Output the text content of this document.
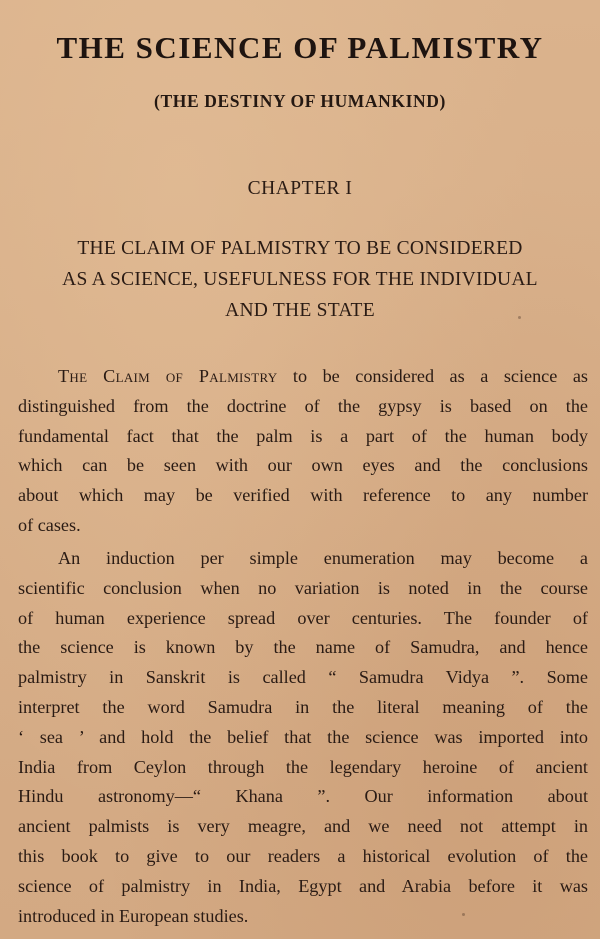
THE SCIENCE OF PALMISTRY
(THE DESTINY OF HUMANKIND)
CHAPTER I
THE CLAIM OF PALMISTRY TO BE CONSIDERED
AS A SCIENCE, USEFULNESS FOR THE INDIVIDUAL
AND THE STATE
The Claim of Palmistry to be considered as a science as
distinguished from the doctrine of the gypsy is based on the
fundamental fact that the palm is a part of the human body
which can be seen with our own eyes and the conclusions
about which may be verified with reference to any number
of cases.
An induction per simple enumeration may become a
scientific conclusion when no variation is noted in the course
of human experience spread over centuries. The founder of
the science is known by the name of Samudra, and hence
palmistry in Sanskrit is called “ Samudra Vidya ”. Some
interpret the word Samudra in the literal meaning of the
‘ sea ’ and hold the belief that the science was imported into
India from Ceylon through the legendary heroine of ancient
Hindu astronomy—“ Khana ”. Our information about
ancient palmists is very meagre, and we need not attempt in
this book to give to our readers a historical evolution of the
science of palmistry in India, Egypt and Arabia before it was
introduced in European studies.
